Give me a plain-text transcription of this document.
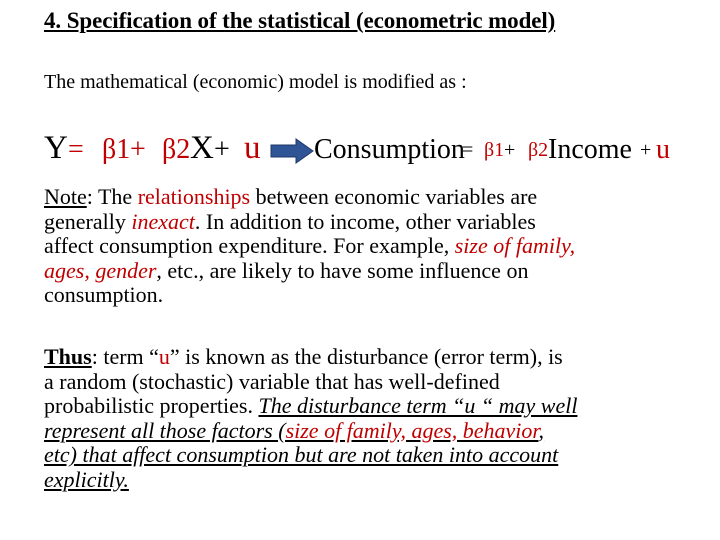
4. Specification of the statistical (econometric model)
The mathematical (economic) model is modified as :
Y = β1 + β2 X + u Consumption
= β1 + β2 Income + u
Note: The relationships between economic variables are
generally inexact. In addition to income, other variables
affect consumption expenditure. For example, size of family,
ages, gender, etc., are likely to have some influence on
consumption.
Thus: term “u” is known as the disturbance (error term), is
a random (stochastic) variable that has well-defined
probabilistic properties. The disturbance term “u “ may well
represent all those factors (size of family, ages, behavior,
etc) that affect consumption but are not taken into account
explicitly.
